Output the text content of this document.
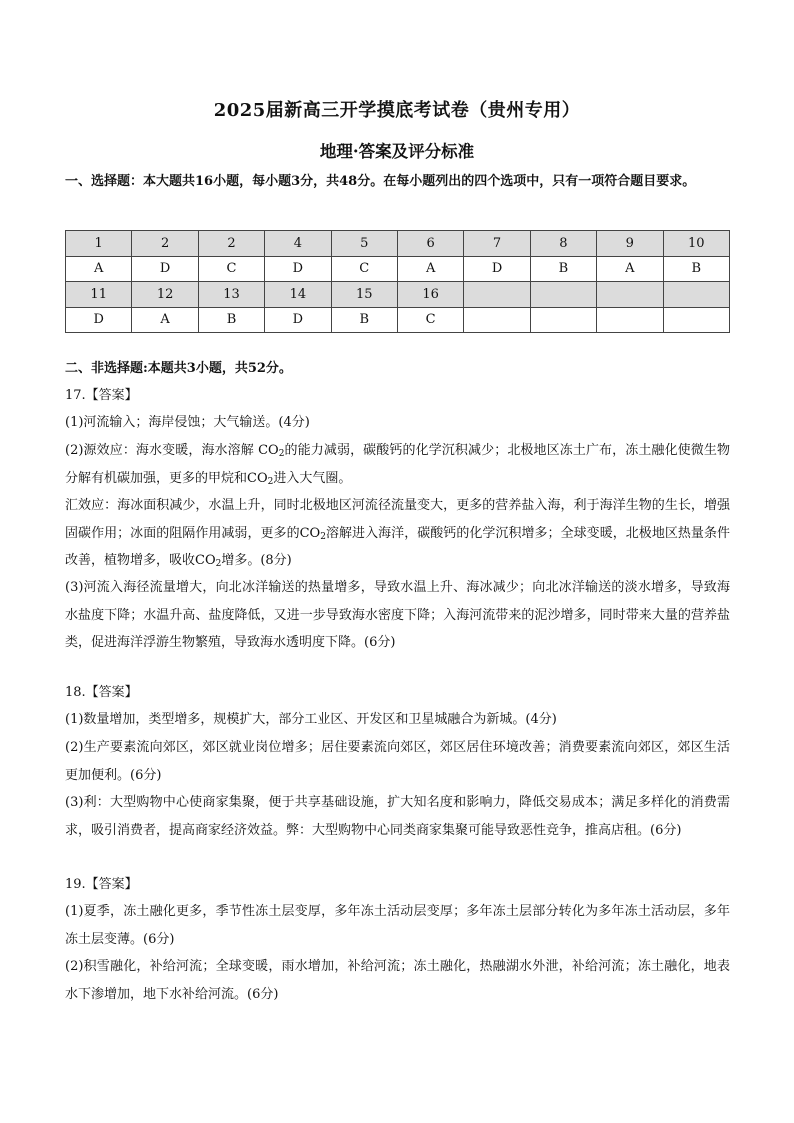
2025届新高三开学摸底考试卷（贵州专用）
地理·答案及评分标准
一、选择题：本大题共16小题，每小题3分，共48分。在每小题列出的四个选项中，只有一项符合题目要求。
1	2	2	4	5	6	7	8	9	10
A	D	C	D	C	A	D	B	A	B
11	12	13	14	15	16				
D	A	B	D	B	C				
二、非选择题:本题共3小题，共52分。
17.【答案】
(1)河流输入；海岸侵蚀；大气输送。(4分)
(2)源效应：海水变暖，海水溶解 $CO_2$的能力减弱，碳酸钙的化学沉积减少；北极地区冻土广布，冻土融化使微生物分解有机碳加强，更多的甲烷和$CO_2$进入大气圈。
汇效应：海冰面积减少，水温上升，同时北极地区河流径流量变大，更多的营养盐入海，利于海洋生物的生长，增强固碳作用；冰面的阻隔作用减弱，更多的$CO_2$溶解进入海洋，碳酸钙的化学沉积增多；全球变暖，北极地区热量条件改善，植物增多，吸收$CO_2$增多。(8分)
(3)河流入海径流量增大，向北冰洋输送的热量增多，导致水温上升、海冰减少；向北冰洋输送的淡水增多，导致海水盐度下降；水温升高、盐度降低，又进一步导致海水密度下降；入海河流带来的泥沙增多，同时带来大量的营养盐类，促进海洋浮游生物繁殖，导致海水透明度下降。(6分)
18.【答案】
(1)数量增加，类型增多，规模扩大，部分工业区、开发区和卫星城融合为新城。(4分)
(2)生产要素流向郊区，郊区就业岗位增多；居住要素流向郊区，郊区居住环境改善；消费要素流向郊区，郊区生活更加便利。(6分)
(3)利：大型购物中心使商家集聚，便于共享基础设施，扩大知名度和影响力，降低交易成本；满足多样化的消费需求，吸引消费者，提高商家经济效益。弊：大型购物中心同类商家集聚可能导致恶性竞争，推高店租。(6分)
19.【答案】
(1)夏季，冻土融化更多，季节性冻土层变厚，多年冻土活动层变厚；多年冻土层部分转化为多年冻土活动层，多年冻土层变薄。(6分)
(2)积雪融化，补给河流；全球变暖，雨水增加，补给河流；冻土融化，热融湖水外泄，补给河流；冻土融化，地表水下渗增加，地下水补给河流。(6分)
